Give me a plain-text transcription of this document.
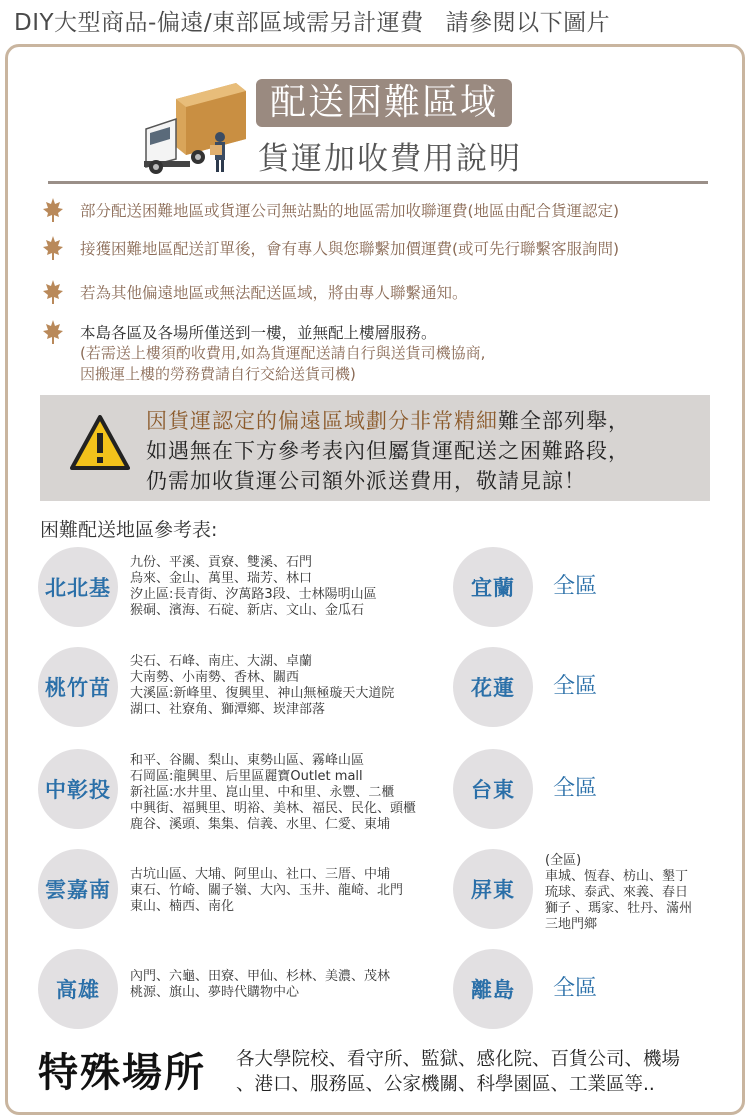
DIY大型商品-偏遠/東部區域需另計運費 請參閱以下圖片
配送困難區域
貨運加收費用說明
部分配送困難地區或貨運公司無站點的地區需加收聯運費(地區由配合貨運認定)
接獲困難地區配送訂單後，會有專人與您聯繫加價運費(或可先行聯繫客服詢問)
若為其他偏遠地區或無法配送區域，將由專人聯繫通知。
本島各區及各場所僅送到一樓，並無配上樓層服務。
(若需送上樓須酌收費用,如為貨運配送請自行與送貨司機協商,
因搬運上樓的勞務費請自行交給送貨司機)
因貨運認定的偏遠區域劃分非常精細難全部列舉，
如遇無在下方參考表內但屬貨運配送之困難路段，
仍需加收貨運公司額外派送費用，敬請見諒！
困難配送地區參考表:
北北基
九份、平溪、貢寮、雙溪、石門
烏來、金山、萬里、瑞芳、林口
汐止區:長青街、汐萬路3段、士林陽明山區
猴硐、濱海、石碇、新店、文山、金瓜石
桃竹苗
尖石、石峰、南庄、大湖、卓蘭
大南勢、小南勢、香林、關西
大溪區:新峰里、復興里、神山無極璇天大道院
湖口、社寮角、獅潭鄉、崁津部落
中彰投
和平、谷關、梨山、東勢山區、霧峰山區
石岡區:龍興里、后里區麗寶Outlet mall
新社區:水井里、崑山里、中和里、永豐、二櫃
中興街、福興里、明裕、美林、福民、民化、頭櫃
鹿谷、溪頭、集集、信義、水里、仁愛、東埔
雲嘉南
古坑山區、大埔、阿里山、社口、三厝、中埔
東石、竹崎、關子嶺、大內、玉井、龍崎、北門
東山、楠西、南化
高雄
內門、六龜、田寮、甲仙、杉林、美濃、茂林
桃源、旗山、夢時代購物中心
宜蘭	全區
花蓮	全區
台東	全區
屏東
(全區)
車城、恆春、枋山、墾丁
琉球、泰武、來義、春日
獅子 、瑪家、牡丹、滿州
三地門鄉
離島	全區
特殊場所 各大學院校、看守所、監獄、感化院、百貨公司、機場
、港口、服務區、公家機關、科學園區、工業區等..
